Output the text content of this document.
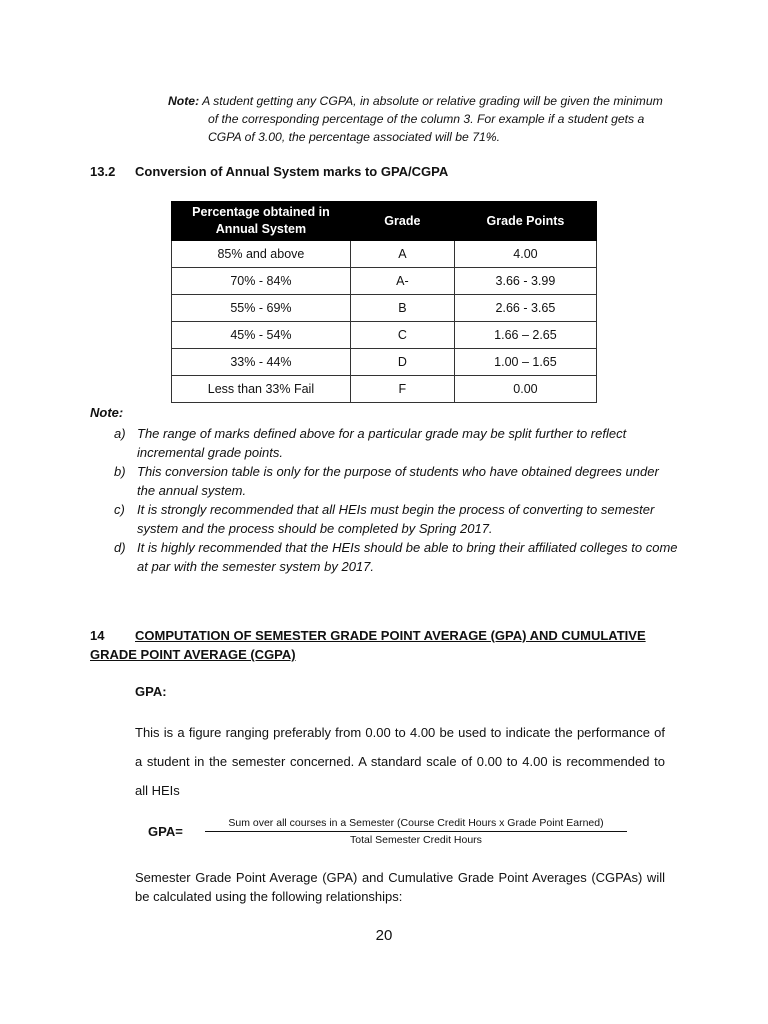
Note: A student getting any CGPA, in absolute or relative grading will be given the minimum
of the corresponding percentage of the column 3. For example if a student gets a
CGPA of 3.00, the percentage associated will be 71%.
13.2 Conversion of Annual System marks to GPA/CGPA
Percentage obtained in Annual System	Grade	Grade Points
85% and above	A	4.00
70% - 84%	A-	3.66 - 3.99
55% - 69%	B	2.66 - 3.65
45% - 54%	C	1.66 – 2.65
33% - 44%	D	1.00 – 1.65
Less than 33% Fail	F	0.00
Note:
a) The range of marks defined above for a particular grade may be split further to reflect incremental grade points.
b) This conversion table is only for the purpose of students who have obtained degrees under the annual system.
c) It is strongly recommended that all HEIs must begin the process of converting to semester system and the process should be completed by Spring 2017.
d) It is highly recommended that the HEIs should be able to bring their affiliated colleges to come at par with the semester system by 2017.
14 COMPUTATION OF SEMESTER GRADE POINT AVERAGE (GPA) AND CUMULATIVE
GRADE POINT AVERAGE (CGPA)
GPA:
This is a figure ranging preferably from 0.00 to 4.00 be used to indicate the performance of a student in the semester concerned. A standard scale of 0.00 to 4.00 is recommended to all HEIs
GPA=
Sum over all courses in a Semester (Course Credit Hours x Grade Point Earned)
Total Semester Credit Hours
Semester Grade Point Average (GPA) and Cumulative Grade Point Averages (CGPAs) will be calculated using the following relationships:
20
